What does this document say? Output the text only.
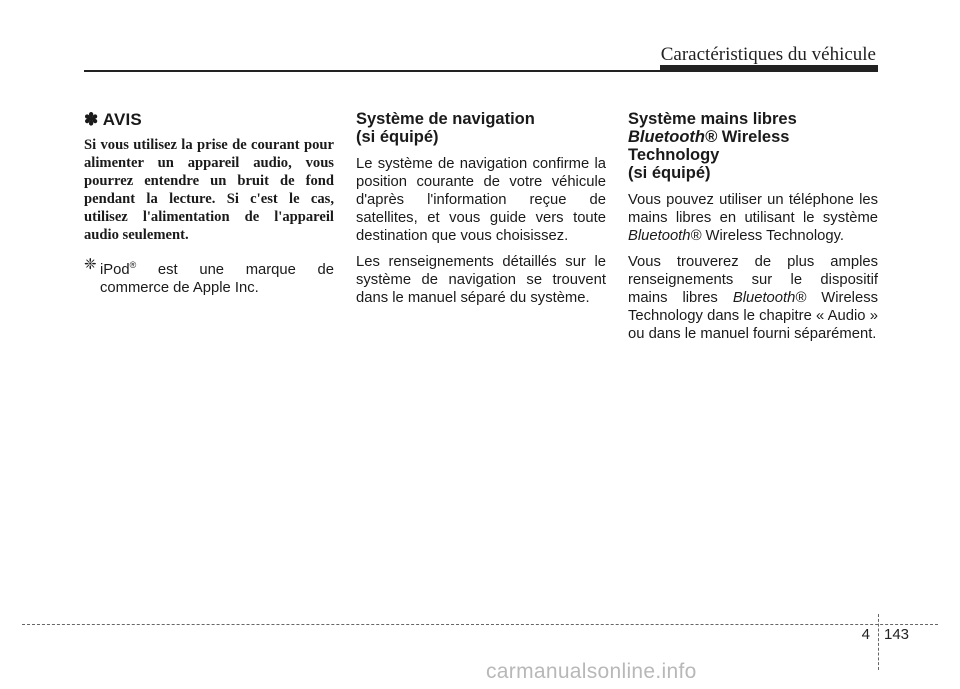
Caractéristiques du véhicule
✽ AVIS

Si vous utilisez la prise de courant pour alimenter un appareil audio, vous pourrez entendre un bruit de fond pendant la lecture. Si c'est le cas, utilisez l'alimentation de l'appareil audio seulement.

❈ iPod® est une marque de commerce de Apple Inc.
Système de navigation
(si équipé)

Le système de navigation confirme la position courante de votre véhicule d'après l'information reçue de satellites, et vous guide vers toute destination que vous choisissez.

Les renseignements détaillés sur le système de navigation se trouvent dans le manuel séparé du système.

Système mains libres
Bluetooth® Wireless Technology
(si équipé)

Vous pouvez utiliser un téléphone les mains libres en utilisant le système Bluetooth® Wireless Technology.

Vous trouverez de plus amples renseignements sur le dispositif mains libres Bluetooth® Wireless Technology dans le chapitre « Audio » ou dans le manuel fourni séparément.

4 143
carmanualsonline.info
